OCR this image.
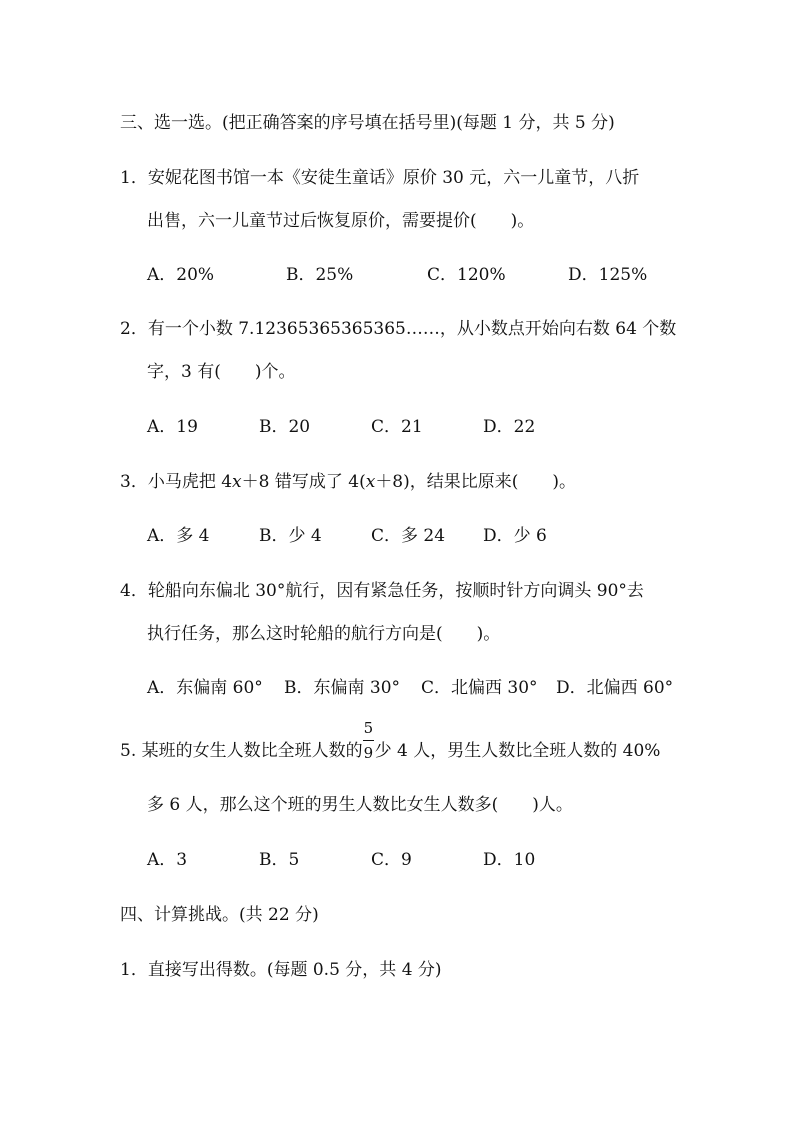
三、选一选。(把正确答案的序号填在括号里)(每题 1 分，共 5 分)
1．安妮花图书馆一本《安徒生童话》原价 30 元，六一儿童节，八折
出售，六一儿童节过后恢复原价，需要提价(　　)。
A．20%	B．25%	C．120%	D．125%
2．有一个小数 7.12365365365365……，从小数点开始向右数 64 个数
字，3 有(　　)个。
A．19	B．20	C．21	D．22
3．小马虎把 4x＋8 错写成了 4(x＋8)，结果比原来(　　)。
A．多 4	B．少 4	C．多 24 D．少 6
4．轮船向东偏北 30°航行，因有紧急任务，按顺时针方向调头 90°去
执行任务，那么这时轮船的航行方向是(　　)。
A．东偏南 60° B．东偏南 30° C．北偏西 30° D．北偏西 60°
5. 某班的女生人数比全班人数的 $\frac{5}{9}$ 少 4 人，男生人数比全班人数的 40%
多 6 人，那么这个班的男生人数比女生人数多(　　)人。
A．3	B．5	C．9	D．10
四、计算挑战。(共 22 分)
1．直接写出得数。(每题 0.5 分，共 4 分)
